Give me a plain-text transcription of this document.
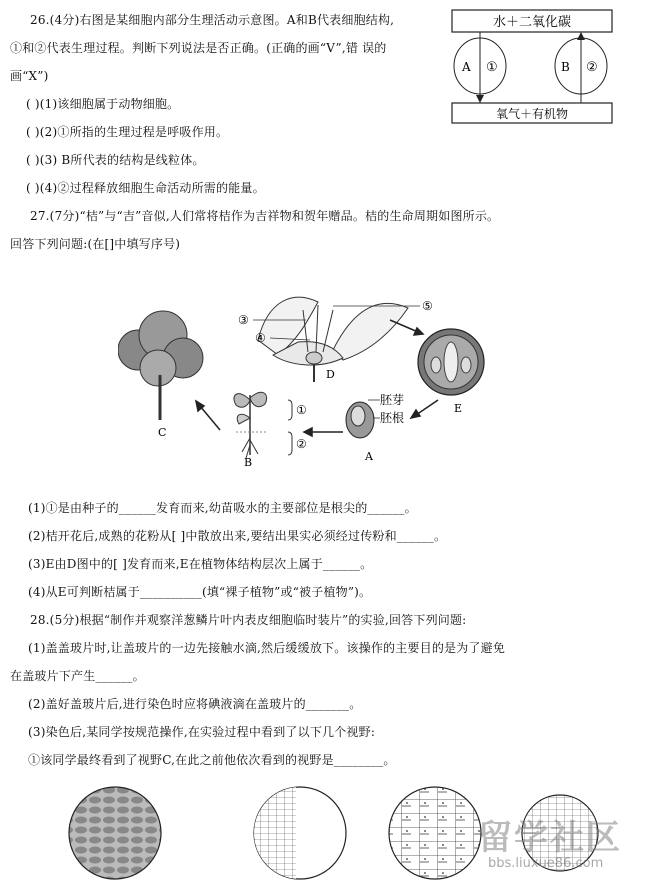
26.(4分)右图是某细胞内部分生理活动示意图。A和B代表细胞结构,
①和②代表生理过程。判断下列说法是否正确。(正确的画“V”,错 误的
画“X”)
( )(1)该细胞属于动物细胞。
( )(2)①所指的生理过程是呼吸作用。
( )(3) B所代表的结构是线粒体。
( )(4)②过程释放细胞生命活动所需的能量。
水＋二氧化碳
氧气＋有机物
A ①	B ②
27.(7分)“桔”与“吉”音似,人们常将桔作为吉祥物和贺年赠品。桔的生命周期如图所示。
回答下列问题:(在[]中填写序号)
D
③
④
⑤
E
A
胚芽
胚根
①
②
B
C
(1)①是由种子的______发育而来,幼苗吸水的主要部位是根尖的______。
(2)桔开花后,成熟的花粉从[ ]中散放出来,要结出果实必须经过传粉和______。
(3)E由D图中的[ ]发育而来,E在植物体结构层次上属于______。
(4)从E可判断桔属于__________(填“裸子植物”或“被子植物”)。
28.(5分)根据“制作并观察洋葱鳞片叶内表皮细胞临时装片”的实验,回答下列问题:
(1)盖盖玻片时,让盖玻片的一边先接触水滴,然后缓缓放下。该操作的主要目的是为了避免
在盖玻片下产生______。
(2)盖好盖玻片后,进行染色时应将碘液滴在盖玻片的_______。
(3)染色后,某同学按规范操作,在实验过程中看到了以下几个视野:
①该同学最终看到了视野C,在此之前他依次看到的视野是________。
留学社区
bbs.liuxue86.com
